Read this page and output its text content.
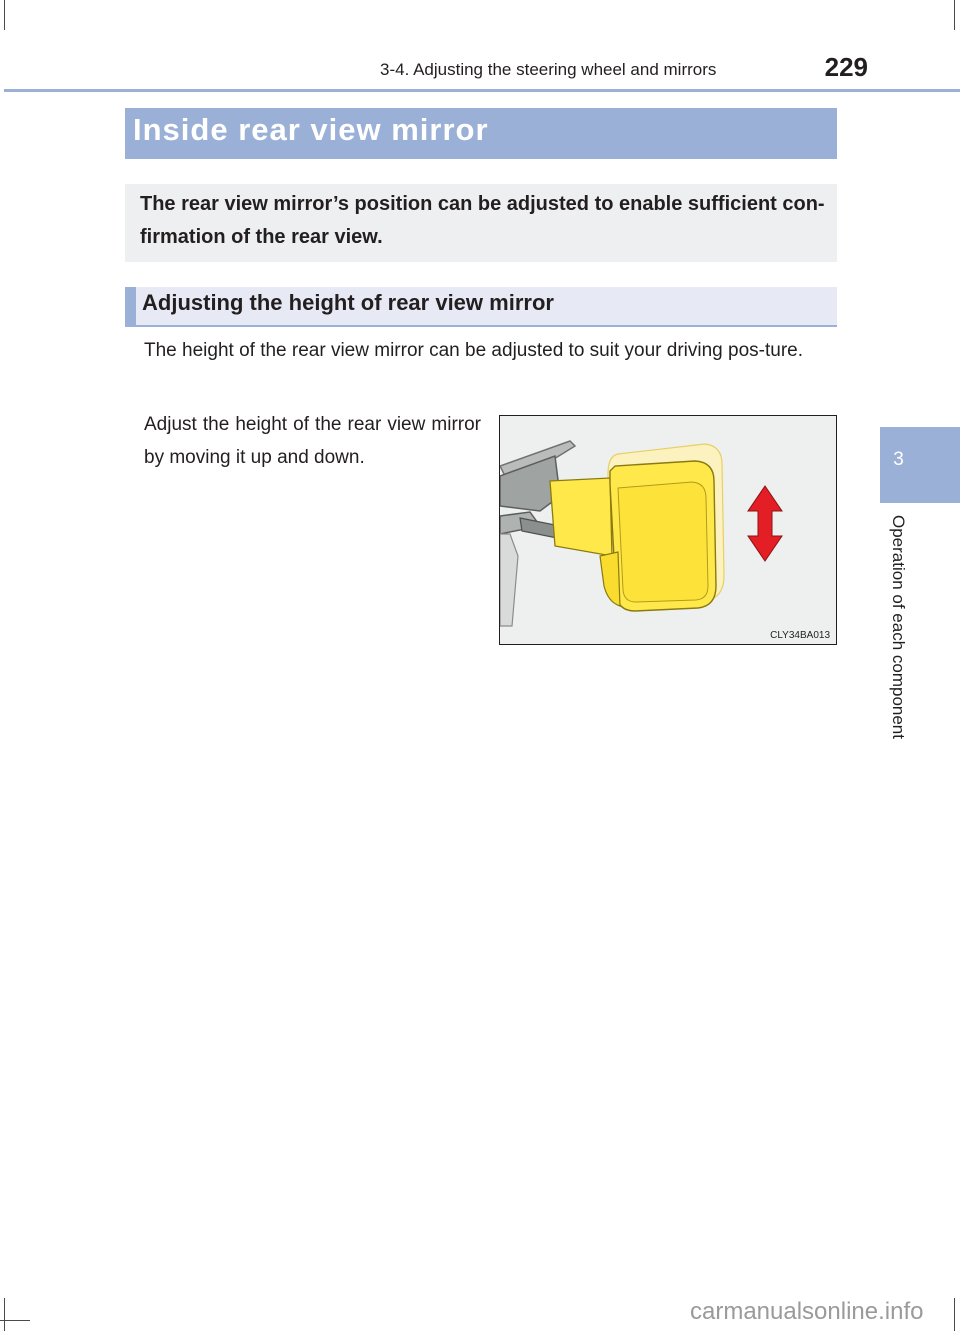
3-4. Adjusting the steering wheel and mirrors	229
Inside rear view mirror
The rear view mirror’s position can be adjusted to enable sufficient con-firmation of the rear view.
Adjusting the height of rear view mirror
The height of the rear view mirror can be adjusted to suit your driving pos-ture.
Adjust the height of the rear view mirror by moving it up and down.
CLY34BA013
3
Operation of each component
carmanualsonline.info
